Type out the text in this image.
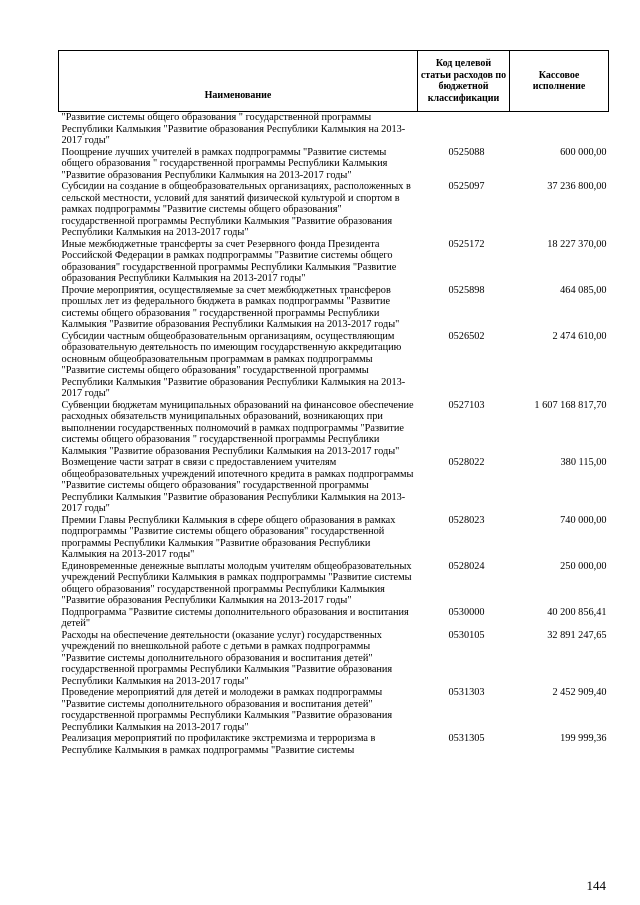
Наименование	Код целевой статьи расходов по бюджетной классификации	Кассовое исполнение
"Развитие системы общего образования " государственной программы Республики Калмыкия "Развитие образования Республики Калмыкия на 2013-2017 годы"		
Поощрение лучших учителей в рамках подпрограммы "Развитие системы общего образования " государственной программы Республики Калмыкия "Развитие образования Республики Калмыкия на 2013-2017 годы"	0525088	600 000,00
Субсидии на создание в общеобразовательных организациях, расположенных в сельской местности, условий для занятий физической культурой и спортом в рамках подпрограммы "Развитие системы общего образования" государственной программы Республики Калмыкия "Развитие образования Республики Калмыкия на 2013-2017 годы"	0525097	37 236 800,00
Иные межбюджетные трансферты за счет Резервного фонда Президента Российской Федерации в рамках подпрограммы "Развитие системы общего образования" государственной программы Республики Калмыкия "Развитие образования Республики Калмыкия на 2013-2017 годы"	0525172	18 227 370,00
Прочие мероприятия, осуществляемые за счет межбюджетных трансферов прошлых лет из федерального бюджета в рамках подпрограммы "Развитие системы общего образования " государственной программы Республики Калмыкия "Развитие образования Республики Калмыкия на 2013-2017 годы"	0525898	464 085,00
Субсидии частным общеобразовательным организациям, осуществляющим образовательную деятельность по имеющим государственную аккредитацию основным общеобразовательным программам в рамках подпрограммы "Развитие системы общего образования" государственной программы Республики Калмыкия "Развитие образования Республики Калмыкия на 2013-2017 годы"	0526502	2 474 610,00
Субвенции бюджетам муниципальных образований на финансовое обеспечение расходных обязательств муниципальных образований, возникающих при выполнении государственных полномочий в рамках подпрограммы "Развитие системы общего образования " государственной программы Республики Калмыкия "Развитие образования Республики Калмыкия на 2013-2017 годы"	0527103	1 607 168 817,70
Возмещение части затрат в связи с предоставлением учителям общеобразовательных учреждений ипотечного кредита в рамках подпрограммы "Развитие системы общего образования" государственной программы Республики Калмыкия "Развитие образования Республики Калмыкия на 2013-2017 годы"	0528022	380 115,00
Премии Главы Республики Калмыкия в сфере общего образования в рамках подпрограммы "Развитие системы общего образования" государственной программы Республики Калмыкия "Развитие образования Республики Калмыкия на 2013-2017 годы"	0528023	740 000,00
Единовременные денежные выплаты молодым учителям общеобразовательных учреждений Республики Калмыкия в рамках подпрограммы "Развитие системы общего образования" государственной программы Республики Калмыкия "Развитие образования Республики Калмыкия на 2013-2017 годы"	0528024	250 000,00
Подпрограмма "Развитие системы дополнительного образования и воспитания детей"	0530000	40 200 856,41
Расходы на обеспечение деятельности (оказание услуг) государственных учреждений по внешкольной работе с детьми в рамках подпрограммы "Развитие системы дополнительного образования и воспитания детей" государственной программы Республики Калмыкия "Развитие образования Республики Калмыкия на 2013-2017 годы"	0530105	32 891 247,65
Проведение мероприятий для детей и молодежи в рамках подпрограммы "Развитие системы дополнительного образования и воспитания детей" государственной программы Республики Калмыкия "Развитие образования Республики Калмыкия на 2013-2017 годы"	0531303	2 452 909,40
Реализация мероприятий по профилактике экстремизма и терроризма в Республике Калмыкия в рамках подпрограммы "Развитие системы	0531305	199 999,36
144
